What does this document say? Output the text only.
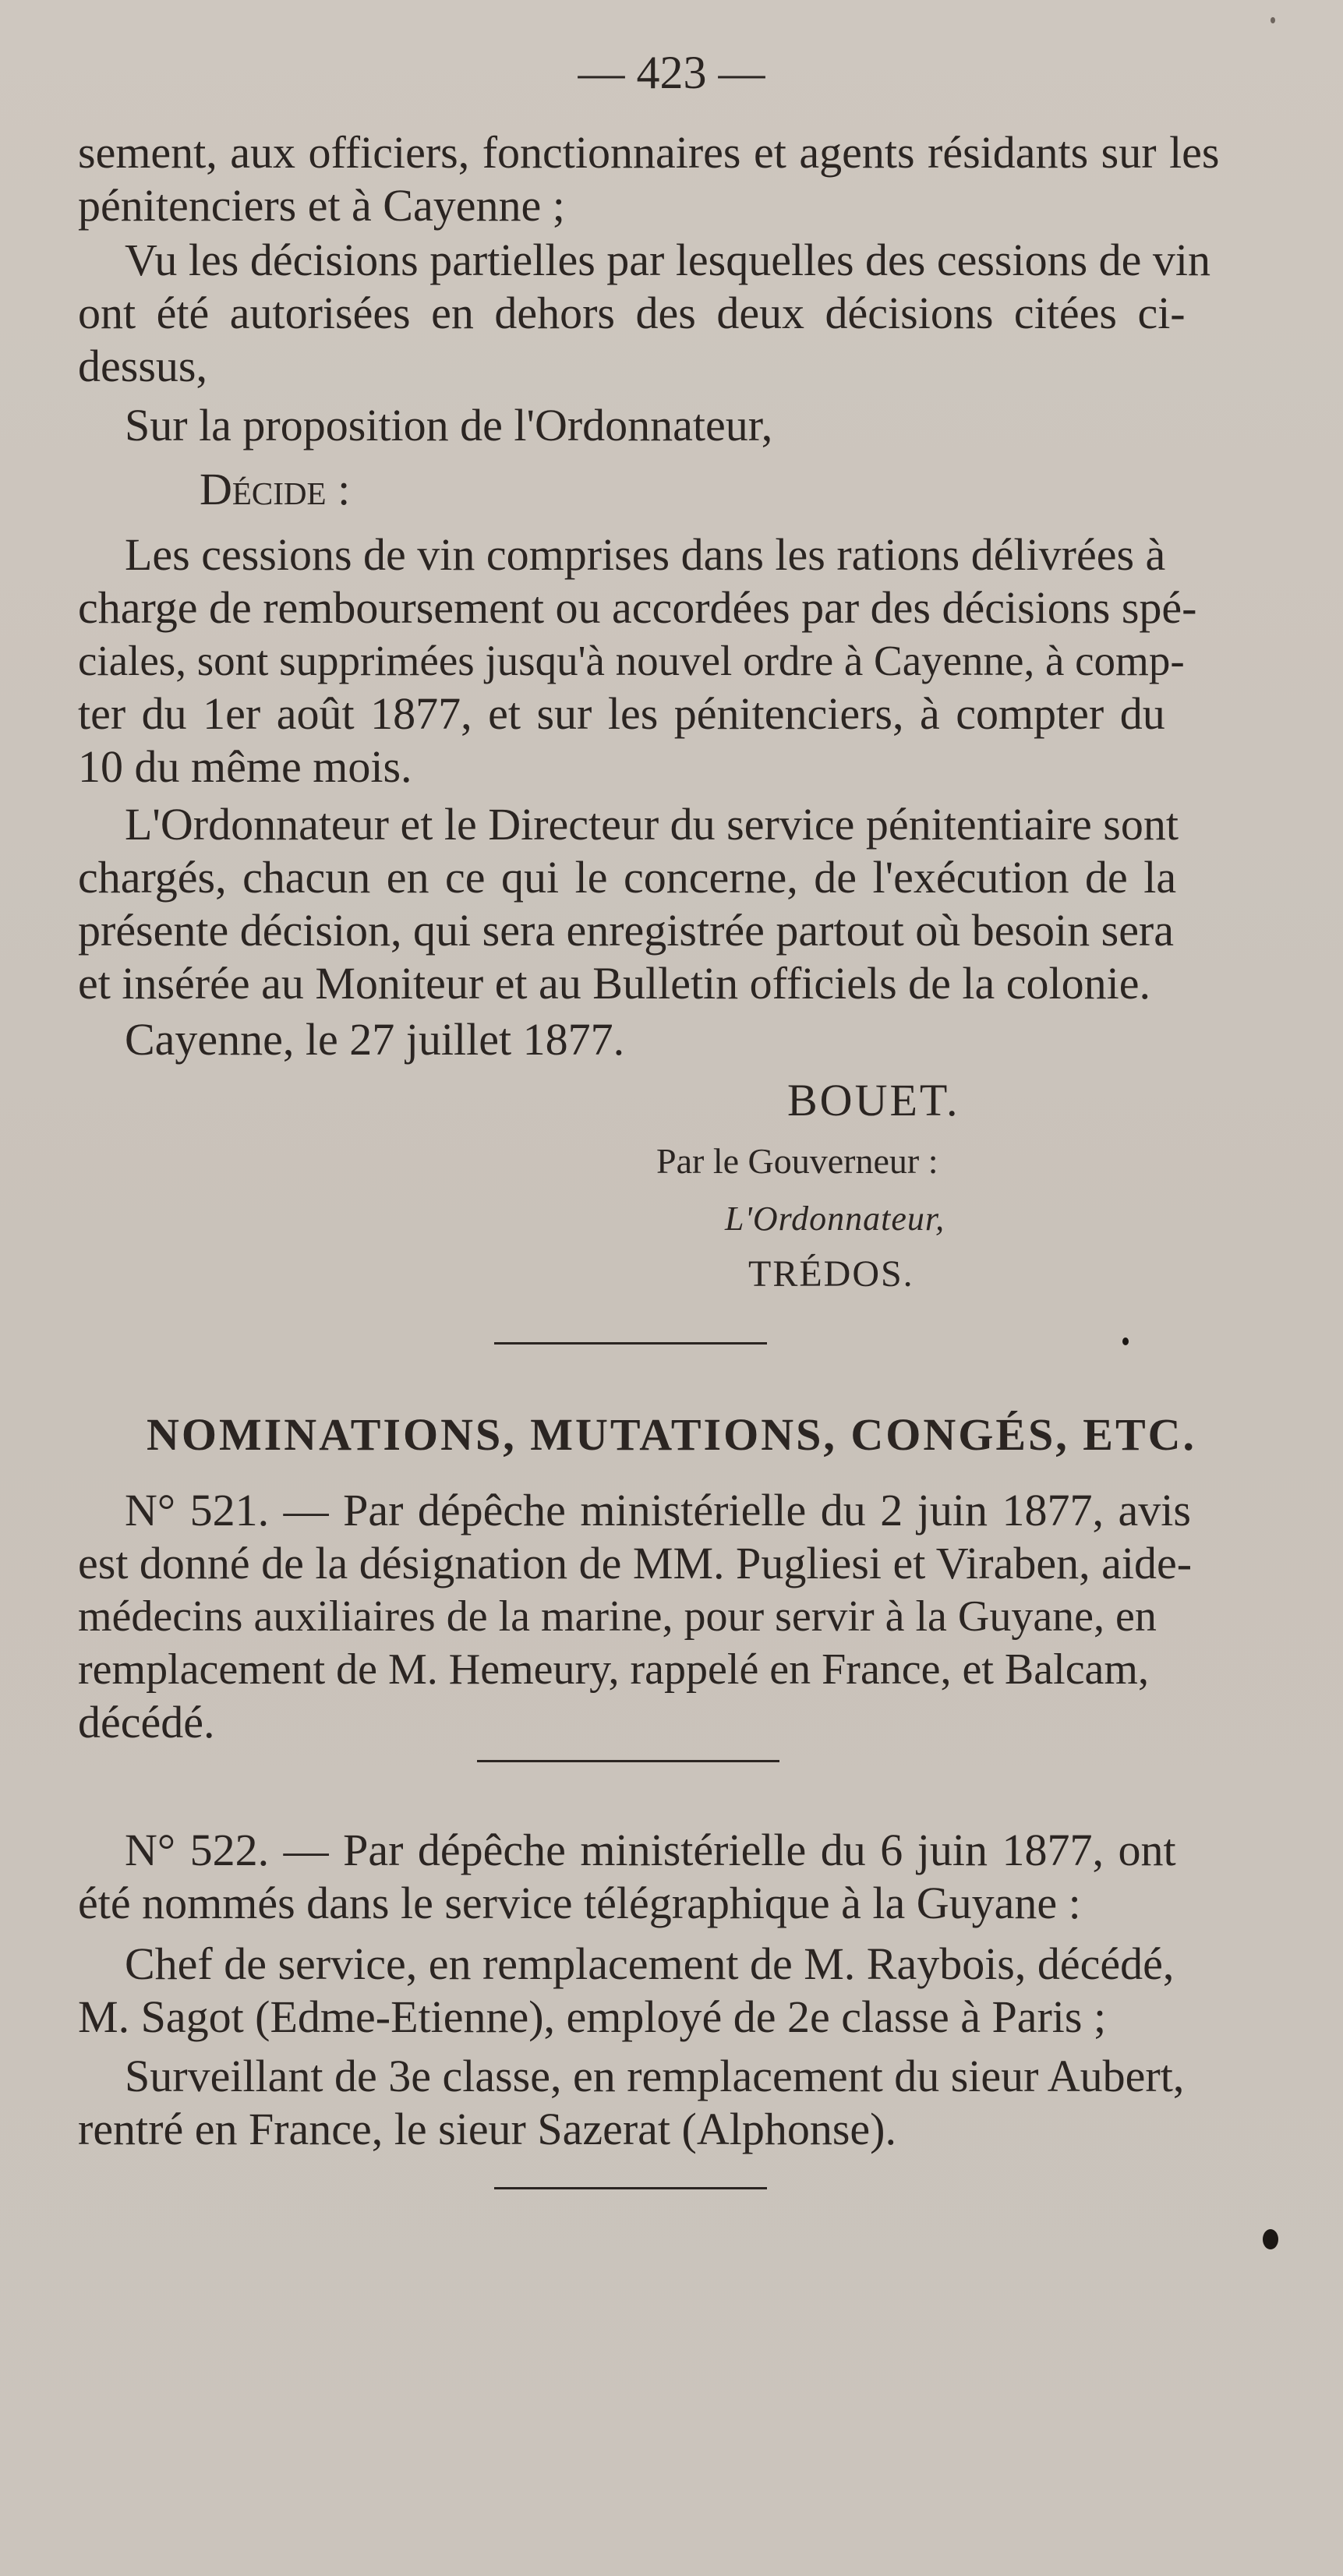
— 423 —
sement, aux officiers, fonctionnaires et agents résidants sur les
pénitenciers et à Cayenne ;
Vu les décisions partielles par lesquelles des cessions de vin
ont été autorisées en dehors des deux décisions citées ci-
dessus,
Sur la proposition de l'Ordonnateur,
Décide :
Les cessions de vin comprises dans les rations délivrées à
charge de remboursement ou accordées par des décisions spé-
ciales, sont supprimées jusqu'à nouvel ordre à Cayenne, à comp-
ter du 1er août 1877, et sur les pénitenciers, à compter du
10 du même mois.
L'Ordonnateur et le Directeur du service pénitentiaire sont
chargés, chacun en ce qui le concerne, de l'exécution de la
présente décision, qui sera enregistrée partout où besoin sera
et insérée au Moniteur et au Bulletin officiels de la colonie.
Cayenne, le 27 juillet 1877.
BOUET.
Par le Gouverneur :
L'Ordonnateur,
TRÉDOS.
NOMINATIONS, MUTATIONS, CONGÉS, ETC.
N° 521. — Par dépêche ministérielle du 2 juin 1877, avis
est donné de la désignation de MM. Pugliesi et Viraben, aide-
médecins auxiliaires de la marine, pour servir à la Guyane, en
remplacement de M. Hemeury, rappelé en France, et Balcam,
décédé.
N° 522. — Par dépêche ministérielle du 6 juin 1877, ont
été nommés dans le service télégraphique à la Guyane :
Chef de service, en remplacement de M. Raybois, décédé,
M. Sagot (Edme-Etienne), employé de 2e classe à Paris ;
Surveillant de 3e classe, en remplacement du sieur Aubert,
rentré en France, le sieur Sazerat (Alphonse).
